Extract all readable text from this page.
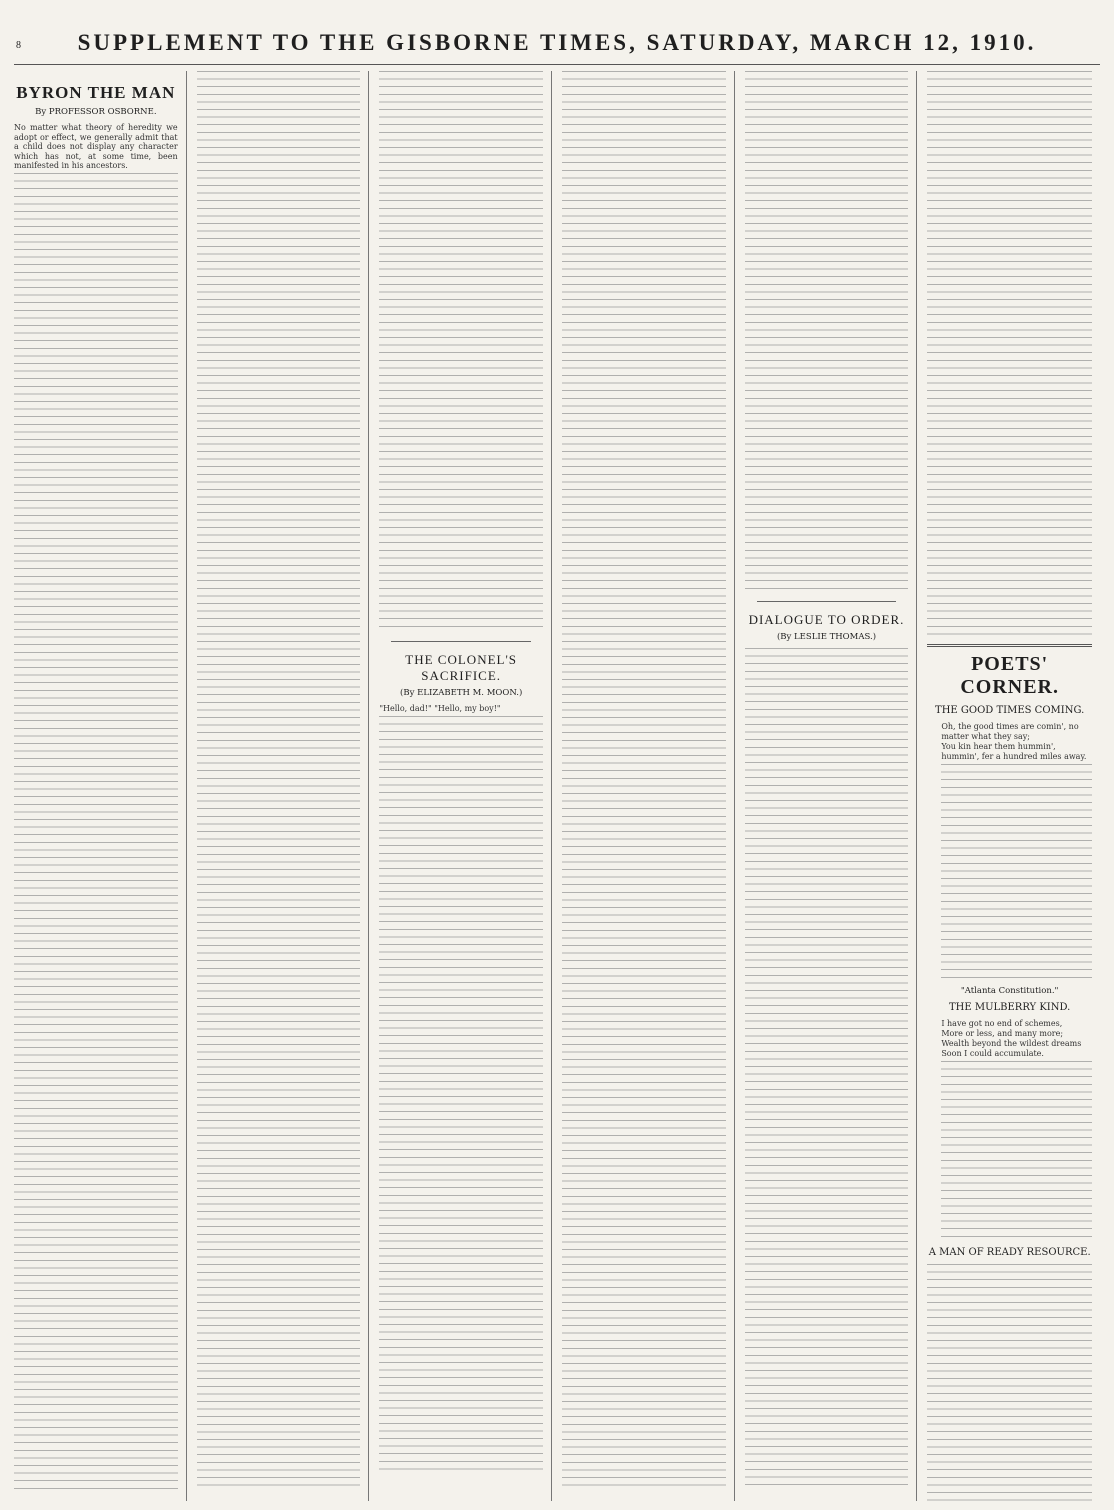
8 SUPPLEMENT TO THE GISBORNE TIMES, SATURDAY, MARCH 12, 1910.
BYRON THE MAN
By PROFESSOR OSBORNE.

No matter what theory of heredity we adopt or effect, we generally admit that a child does not display any character which has not, at some time, been manifested in his ancestors.

THE COLONEL'S SACRIFICE.
(By ELIZABETH M. MOON.)

"Hello, dad!" "Hello, my boy!"

DIALOGUE TO ORDER.
(By LESLIE THOMAS.)
POETS' CORNER.
THE GOOD TIMES COMING.

Oh, the good times are comin', no matter what they say;
You kin hear them hummin', hummin', fer a hundred miles away.

"Atlanta Constitution."
THE MULBERRY KIND.

I have got no end of schemes,
More or less, and many more;
Wealth beyond the wildest dreams
Soon I could accumulate.

A MAN OF READY RESOURCE.
